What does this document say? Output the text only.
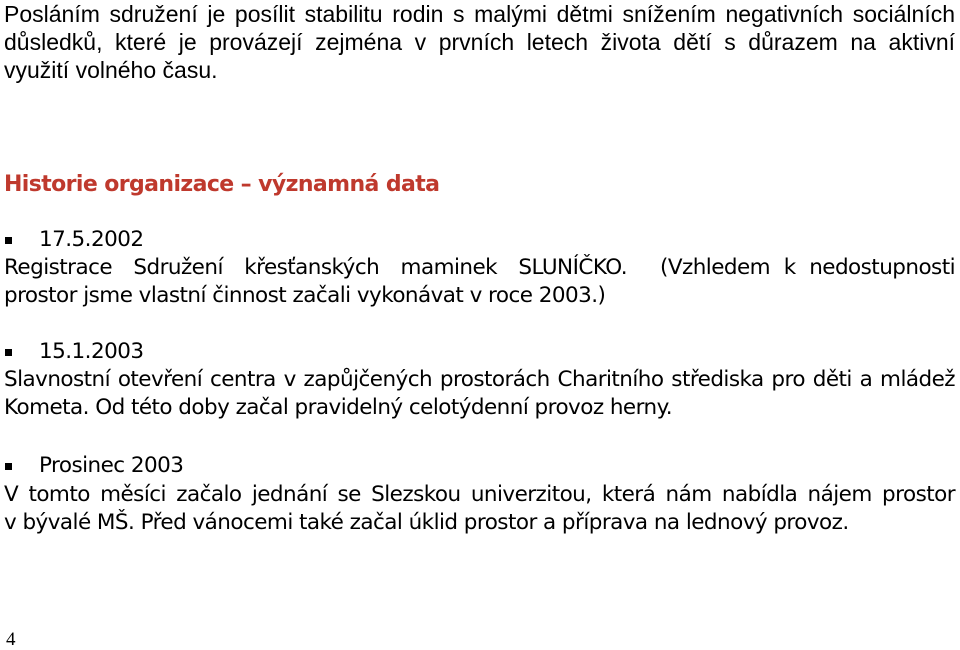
Posláním sdružení je posílit stabilitu rodin s malými dětmi snížením negativních sociálních
důsledků, které je provázejí zejména v prvních letech života dětí s důrazem na aktivní
využití volného času.
Historie organizace – významná data
17.5.2002
Registrace Sdružení křesťanských maminek SLUNÍČKO. (Vzhledem k nedostupnosti
prostor jsme vlastní činnost začali vykonávat v roce 2003.)
15.1.2003
Slavnostní otevření centra v zapůjčených prostorách Charitního střediska pro děti a mládež
Kometa. Od této doby začal pravidelný celotýdenní provoz herny.
Prosinec 2003
V tomto měsíci začalo jednání se Slezskou univerzitou, která nám nabídla nájem prostor
v bývalé MŠ. Před vánocemi také začal úklid prostor a příprava na lednový provoz.
4
